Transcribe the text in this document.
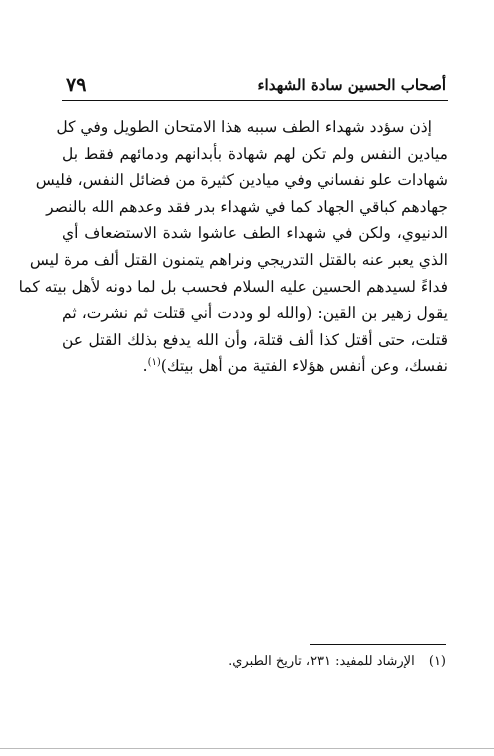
أصحاب الحسين سادة الشهداء
٧٩
إذن سؤدد شهداء الطف سببه هذا الامتحان الطويل وفي كل
ميادين النفس ولم تكن لهم شهادة بأبدانهم ودمائهم فقط بل
شهادات علو نفساني وفي ميادين كثيرة من فضائل النفس، فليس
جهادهم كباقي الجهاد كما في شهداء بدر فقد وعدهم الله بالنصر
الدنيوي، ولكن في شهداء الطف عاشوا شدة الاستضعاف أي
الذي يعبر عنه بالقتل التدريجي ونراهم يتمنون القتل ألف مرة ليس
فداءً لسيدهم الحسين عليه السلام فحسب بل لما دونه لأهل بيته كما
يقول زهير بن القين: (والله لو وددت أني قتلت ثم نشرت، ثم
قتلت، حتى أقتل كذا ألف قتلة، وأن الله يدفع بذلك القتل عن
نفسك، وعن أنفس هؤلاء الفتية من أهل بيتك)$^{(١)}$.
(١) الإرشاد للمفيد: ٢٣١، تاريخ الطبري.
